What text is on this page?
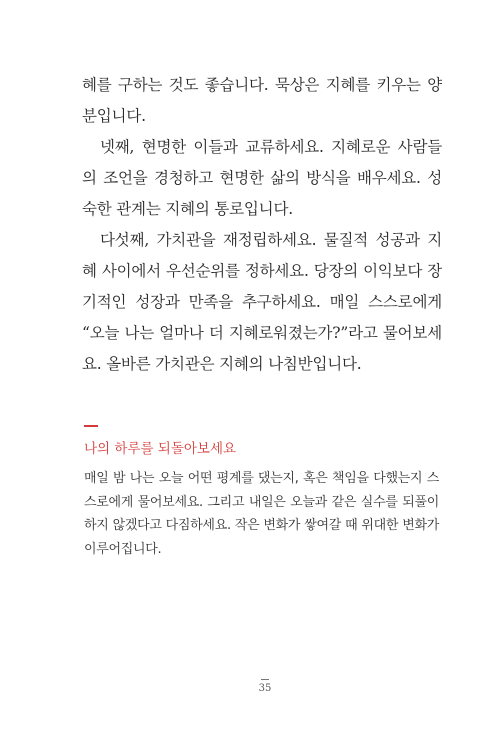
혜를 구하는 것도 좋습니다. 묵상은 지혜를 키우는 양분입니다.

넷째, 현명한 이들과 교류하세요. 지혜로운 사람들의 조언을 경청하고 현명한 삶의 방식을 배우세요. 성숙한 관계는 지혜의 통로입니다.

다섯째, 가치관을 재정립하세요. 물질적 성공과 지혜 사이에서 우선순위를 정하세요. 당장의 이익보다 장기적인 성장과 만족을 추구하세요. 매일 스스로에게 “오늘 나는 얼마나 더 지혜로워졌는가?”라고 물어보세요. 올바른 가치관은 지혜의 나침반입니다.

나의 하루를 되돌아보세요
매일 밤 나는 오늘 어떤 평계를 댔는지, 혹은 책임을 다했는지 스스로에게 물어보세요. 그리고 내일은 오늘과 같은 실수를 되풀이하지 않겠다고 다짐하세요. 작은 변화가 쌓여갈 때 위대한 변화가 이루어집니다.
35
